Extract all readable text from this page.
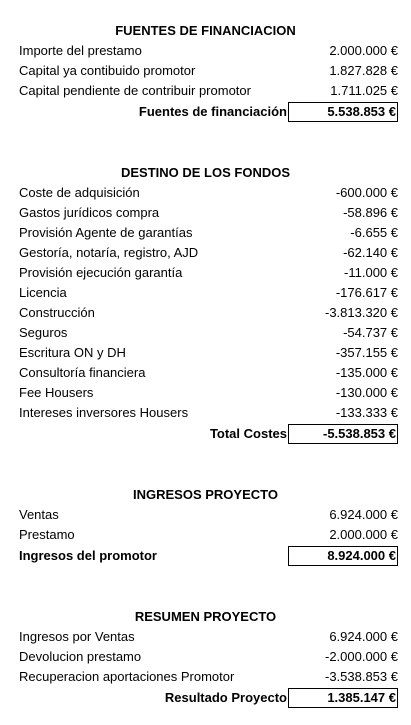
FUENTES DE FINANCIACION
Importe del prestamo	2.000.000 €
Capital ya contibuido promotor	1.827.828 €
Capital pendiente de contribuir promotor	1.711.025 €
Fuentes de financiación	5.538.853 €
DESTINO DE LOS FONDOS
Coste de adquisición	-600.000 €
Gastos jurídicos compra	-58.896 €
Provisión Agente de garantías	-6.655 €
Gestoría, notaría, registro, AJD	-62.140 €
Provisión ejecución garantía	-11.000 €
Licencia	-176.617 €
Construcción	-3.813.320 €
Seguros	-54.737 €
Escritura ON y DH	-357.155 €
Consultoría financiera	-135.000 €
Fee Housers	-130.000 €
Intereses inversores Housers	-133.333 €
Total Costes	-5.538.853 €
INGRESOS PROYECTO
Ventas	6.924.000 €
Prestamo	2.000.000 €
Ingresos del promotor	8.924.000 €
RESUMEN PROYECTO
Ingresos por Ventas	6.924.000 €
Devolucion prestamo	-2.000.000 €
Recuperacion aportaciones Promotor	-3.538.853 €
Resultado Proyecto	1.385.147 €
